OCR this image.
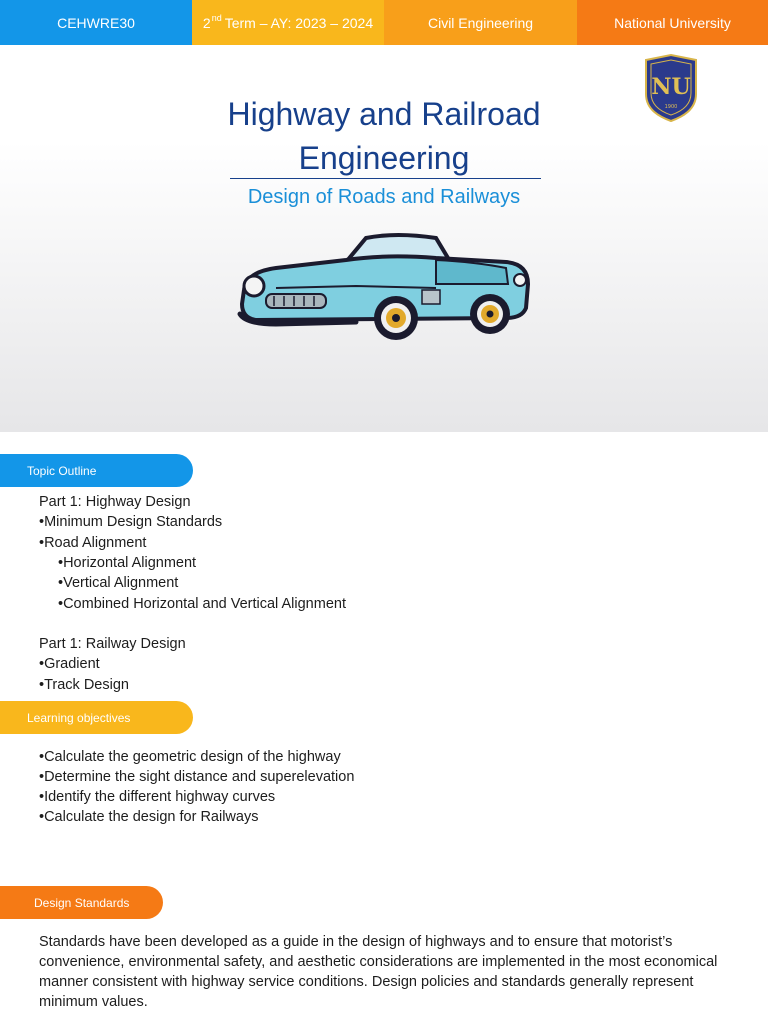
CEHWRE30	2nd Term – AY: 2023 – 2024	Civil Engineering	National University
Highway and Railroad
Engineering
Design of Roads and Railways
NU
1900
Topic Outline
Part 1: Highway Design
•Minimum Design Standards
•Road Alignment
•Horizontal Alignment
•Vertical Alignment
•Combined Horizontal and Vertical Alignment
Part 1: Railway Design
•Gradient
•Track Design
Learning objectives
•Calculate the geometric design of the highway
•Determine the sight distance and superelevation
•Identify the different highway curves
•Calculate the design for Railways
Design Standards
Standards have been developed as a guide in the design of highways and to ensure that motorist’s convenience, environmental safety, and aesthetic considerations are implemented in the most economical manner consistent with highway service conditions. Design policies and standards generally represent minimum values.
